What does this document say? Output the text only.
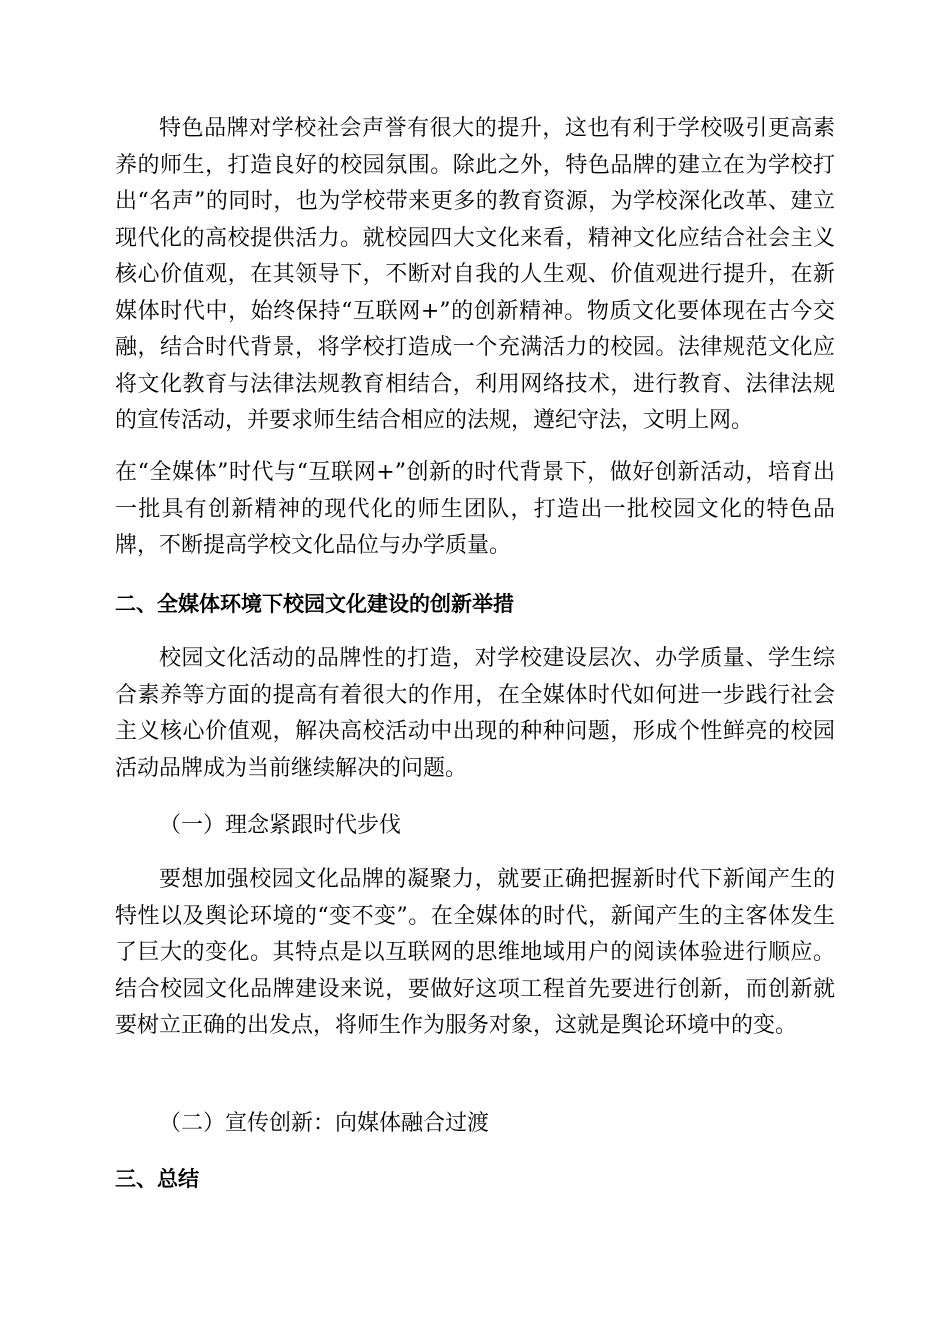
特色品牌对学校社会声誉有很大的提升，这也有利于学校吸引更高素养的师生，打造良好的校园氛围。除此之外，特色品牌的建立在为学校打出“名声”的同时，也为学校带来更多的教育资源，为学校深化改革、建立现代化的高校提供活力。就校园四大文化来看，精神文化应结合社会主义核心价值观，在其领导下，不断对自我的人生观、价值观进行提升，在新媒体时代中，始终保持“互联网+”的创新精神。物质文化要体现在古今交融，结合时代背景，将学校打造成一个充满活力的校园。法律规范文化应将文化教育与法律法规教育相结合，利用网络技术，进行教育、法律法规的宣传活动，并要求师生结合相应的法规，遵纪守法，文明上网。

在“全媒体”时代与“互联网+”创新的时代背景下，做好创新活动，培育出一批具有创新精神的现代化的师生团队，打造出一批校园文化的特色品牌，不断提高学校文化品位与办学质量。

二、全媒体环境下校园文化建设的创新举措

校园文化活动的品牌性的打造，对学校建设层次、办学质量、学生综合素养等方面的提高有着很大的作用，在全媒体时代如何进一步践行社会主义核心价值观，解决高校活动中出现的种种问题，形成个性鲜亮的校园活动品牌成为当前继续解决的问题。

（一）理念紧跟时代步伐

要想加强校园文化品牌的凝聚力，就要正确把握新时代下新闻产生的特性以及舆论环境的“变不变”。在全媒体的时代，新闻产生的主客体发生了巨大的变化。其特点是以互联网的思维地域用户的阅读体验进行顺应。结合校园文化品牌建设来说，要做好这项工程首先要进行创新，而创新就要树立正确的出发点，将师生作为服务对象，这就是舆论环境中的变。

（二）宣传创新：向媒体融合过渡

三、总结
